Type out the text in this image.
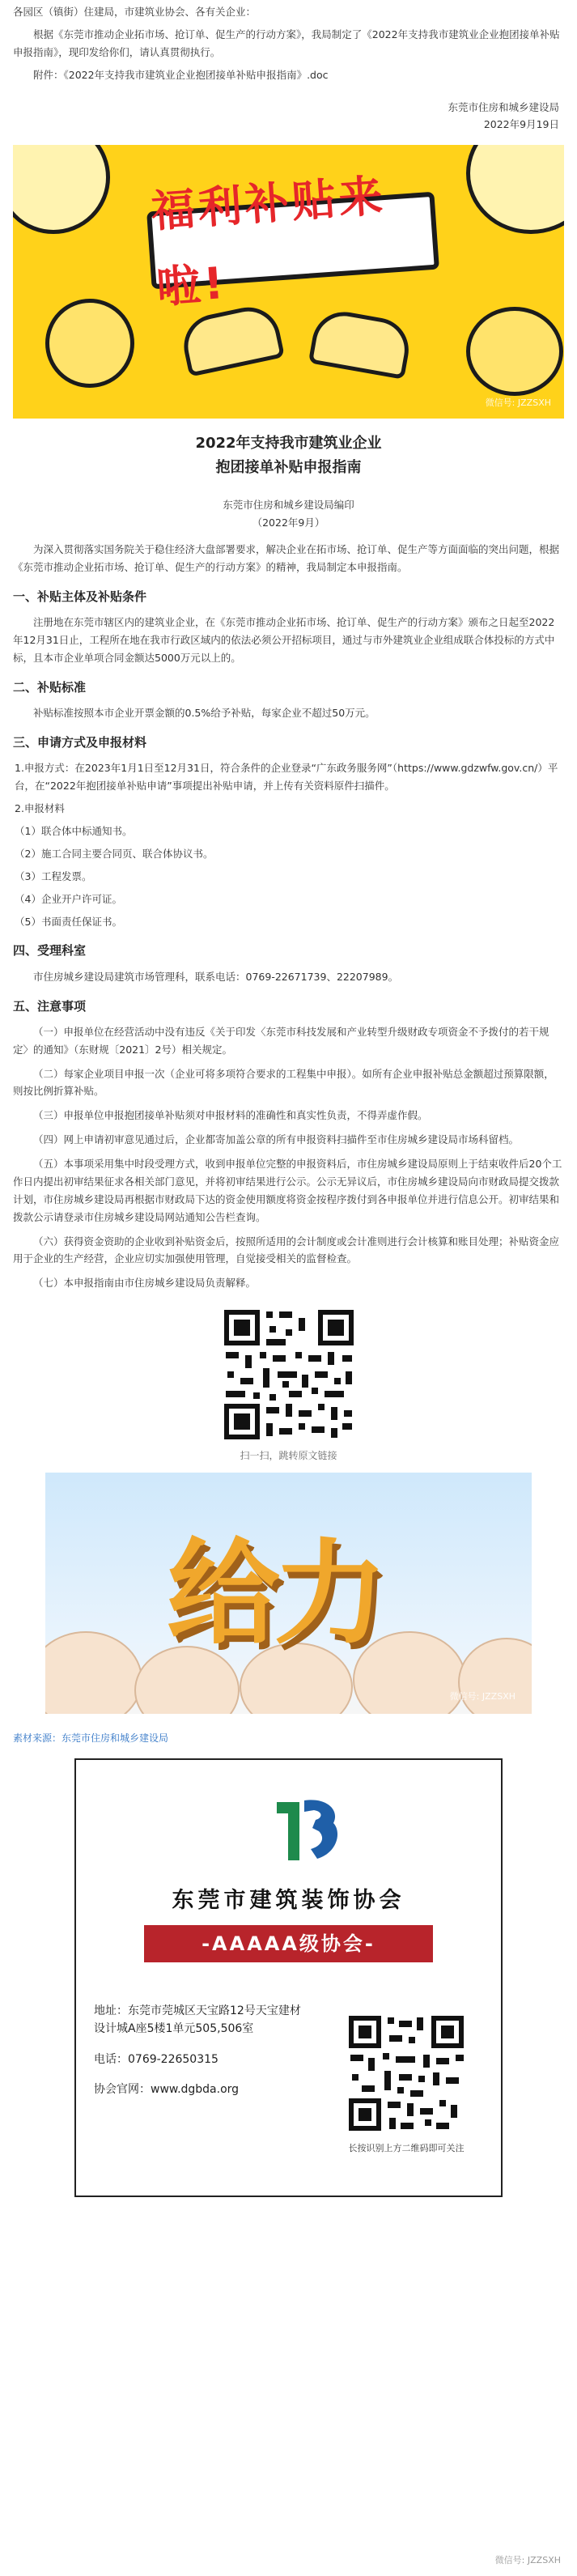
各园区（镇街）住建局，市建筑业协会、各有关企业：

根据《东莞市推动企业拓市场、抢订单、促生产的行动方案》，我局制定了《2022年支持我市建筑业企业抱团接单补贴申报指南》，现印发给你们，请认真贯彻执行。

附件：《2022年支持我市建筑业企业抱团接单补贴申报指南》.doc

东莞市住房和城乡建设局

2022年9月19日

福利补贴来啦!
微信号: JZZSXH
2022年支持我市建筑业企业
抱团接单补贴申报指南

东莞市住房和城乡建设局编印

（2022年9月）

为深入贯彻落实国务院关于稳住经济大盘部署要求，解决企业在拓市场、抢订单、促生产等方面面临的突出问题，根据《东莞市推动企业拓市场、抢订单、促生产的行动方案》的精神，我局制定本申报指南。

一、补贴主体及补贴条件

注册地在东莞市辖区内的建筑业企业，在《东莞市推动企业拓市场、抢订单、促生产的行动方案》颁布之日起至2022年12月31日止，工程所在地在我市行政区域内的依法必须公开招标项目，通过与市外建筑业企业组成联合体投标的方式中标，且本市企业单项合同金额达5000万元以上的。

二、补贴标准

补贴标准按照本市企业开票金额的0.5%给予补贴，每家企业不超过50万元。

三、申请方式及申报材料

1.申报方式：在2023年1月1日至12月31日，符合条件的企业登录“广东政务服务网”（https://www.gdzwfw.gov.cn/）平台，在“2022年抱团接单补贴申请”事项提出补贴申请，并上传有关资料原件扫描件。

2.申报材料

（1）联合体中标通知书。

（2）施工合同主要合同页、联合体协议书。

（3）工程发票。

（4）企业开户许可证。

（5）书面责任保证书。

四、受理科室

市住房城乡建设局建筑市场管理科，联系电话：0769-22671739、22207989。

五、注意事项

（一）申报单位在经营活动中没有违反《关于印发〈东莞市科技发展和产业转型升级财政专项资金不予拨付的若干规定〉的通知》（东财规〔2021〕2号）相关规定。

（二）每家企业项目申报一次（企业可将多项符合要求的工程集中申报）。如所有企业申报补贴总金额超过预算限额，则按比例折算补贴。

（三）申报单位申报抱团接单补贴须对申报材料的准确性和真实性负责，不得弄虚作假。

（四）网上申请初审意见通过后，企业都寄加盖公章的所有申报资料扫描件至市住房城乡建设局市场科留档。

（五）本事项采用集中时段受理方式，收到申报单位完整的申报资料后，市住房城乡建设局原则上于结束收件后20个工作日内提出初审结果征求各相关部门意见，并将初审结果进行公示。公示无异议后，市住房城乡建设局向市财政局提交拨款计划，市住房城乡建设局再根据市财政局下达的资金使用额度将资金按程序拨付到各申报单位并进行信息公开。初审结果和拨款公示请登录市住房城乡建设局网站通知公告栏查询。

（六）获得资金资助的企业收到补贴资金后，按照所适用的会计制度或会计准则进行会计核算和账目处理；补贴资金应用于企业的生产经营，企业应切实加强使用管理，自觉接受相关的监督检查。

（七）本申报指南由市住房城乡建设局负责解释。

扫一扫，跳转原文链接

给力
微信号: JZZSXH

素材来源：东莞市住房和城乡建设局

东莞市建筑装饰协会
-AAAAA级协会-

地址：东莞市莞城区天宝路12号天宝建材设计城A座5楼1单元505,506室

电话：0769-22650315

协会官网：www.dgbda.org

长按识别上方二维码即可关注

微信号: JZZSXH
